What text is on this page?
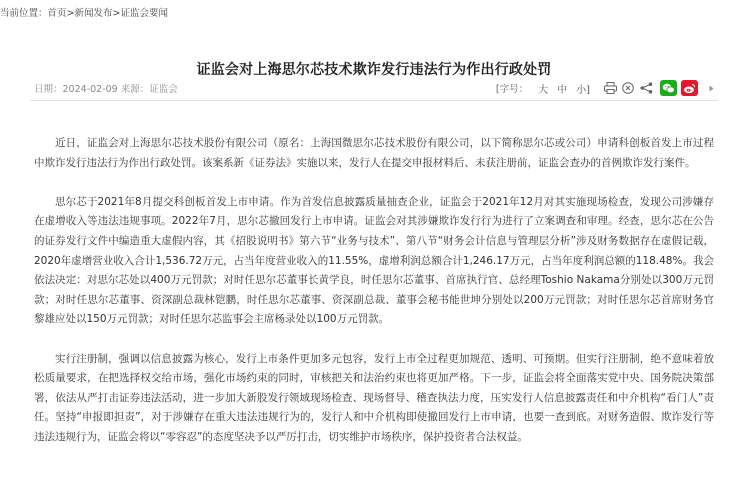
当前位置：首页>新闻发布>证监会要闻
证监会对上海思尔芯技术欺诈发行违法行为作出行政处罚
日期：2024-02-09 来源：证监会	[字号： 大 中 小]

近日，证监会对上海思尔芯技术股份有限公司（原名：上海国微思尔芯技术股份有限公司，以下简称思尔芯或公司）申请科创板首发上市过程中欺诈发行违法行为作出行政处罚。该案系新《证券法》实施以来，发行人在提交申报材料后、未获注册前，证监会查办的首例欺诈发行案件。

思尔芯于2021年8月提交科创板首发上市申请。作为首发信息披露质量抽查企业，证监会于2021年12月对其实施现场检查，发现公司涉嫌存在虚增收入等违法违规事项。2022年7月，思尔芯撤回发行上市申请。证监会对其涉嫌欺诈发行行为进行了立案调查和审理。经查，思尔芯在公告的证券发行文件中编造重大虚假内容，其《招股说明书》第六节“业务与技术”、第八节“财务会计信息与管理层分析”涉及财务数据存在虚假记载，2020年虚增营业收入合计1,536.72万元，占当年度营业收入的11.55%，虚增利润总额合计1,246.17万元，占当年度利润总额的118.48%。我会依法决定：对思尔芯处以400万元罚款；对时任思尔芯董事长黄学良，时任思尔芯董事、首席执行官、总经理Toshio Nakama分别处以300万元罚款；对时任思尔芯董事、资深副总裁林铠鹏，时任思尔芯董事、资深副总裁、董事会秘书能世坤分别处以200万元罚款；对时任思尔芯首席财务官黎雄应处以150万元罚款；对时任思尔芯监事会主席杨录处以100万元罚款。

实行注册制，强调以信息披露为核心，发行上市条件更加多元包容，发行上市全过程更加规范、透明、可预期。但实行注册制，绝不意味着放松质量要求，在把选择权交给市场，强化市场约束的同时，审核把关和法治约束也将更加严格。下一步，证监会将全面落实党中央、国务院决策部署，依法从严打击证券违法活动，进一步加大新股发行领域现场检查、现场督导、稽查执法力度，压实发行人信息披露责任和中介机构“看门人”责任。坚持“申报即担责”，对于涉嫌存在重大违法违规行为的，发行人和中介机构即使撤回发行上市申请，也要一查到底。对财务造假、欺诈发行等违法违规行为，证监会将以“零容忍”的态度坚决予以严厉打击，切实维护市场秩序，保护投资者合法权益。
